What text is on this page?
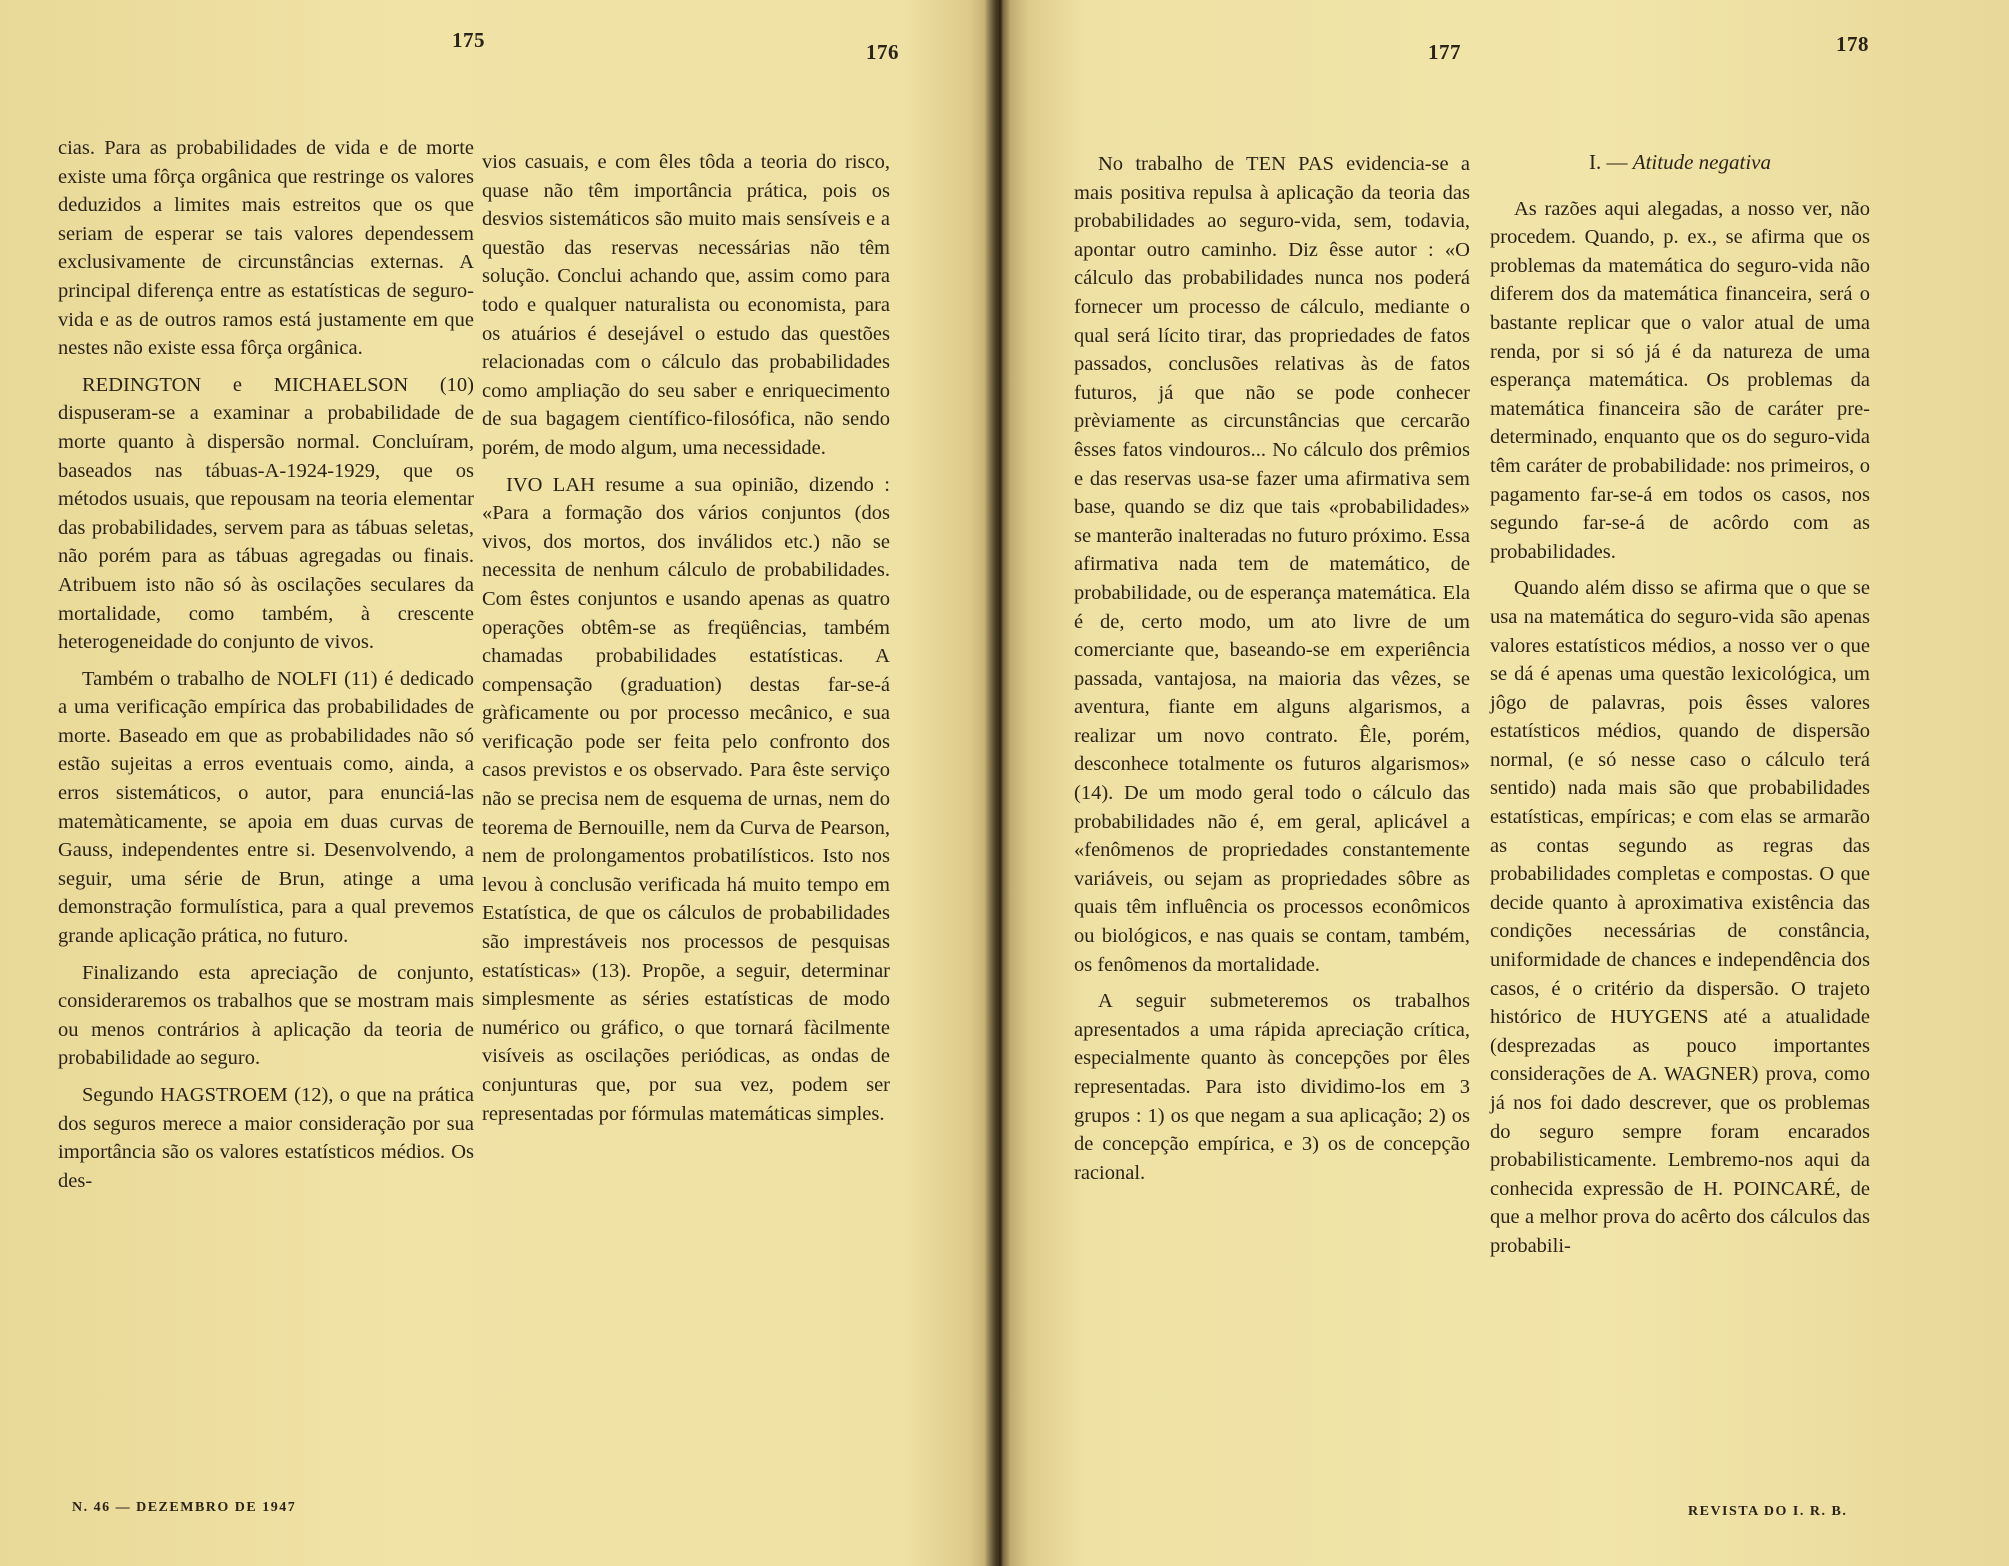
175	176

cias. Para as probabilidades de vida e de morte existe uma fôrça orgânica que restringe os valores deduzidos a limites mais estreitos que os que seriam de esperar se tais valores dependessem exclusivamente de circunstâncias externas. A principal diferença entre as estatísticas de seguro-vida e as de outros ramos está justamente em que nestes não existe essa fôrça orgânica.

REDINGTON e MICHAELSON (10) dispuseram-se a examinar a probabilidade de morte quanto à dispersão normal. Concluíram, baseados nas tábuas-A-1924-1929, que os métodos usuais, que repousam na teoria elementar das probabilidades, servem para as tábuas seletas, não porém para as tábuas agregadas ou finais. Atribuem isto não só às oscilações seculares da mortalidade, como também, à crescente heterogeneidade do conjunto de vivos.

Também o trabalho de NOLFI (11) é dedicado a uma verificação empírica das probabilidades de morte. Baseado em que as probabilidades não só estão sujeitas a erros eventuais como, ainda, a erros sistemáticos, o autor, para enunciá-las matemàticamente, se apoia em duas curvas de Gauss, independentes entre si. Desenvolvendo, a seguir, uma série de Brun, atinge a uma demonstração formulística, para a qual prevemos grande aplicação prática, no futuro.

Finalizando esta apreciação de conjunto, consideraremos os trabalhos que se mostram mais ou menos contrários à aplicação da teoria de probabilidade ao seguro.

Segundo HAGSTROEM (12), o que na prática dos seguros merece a maior consideração por sua importância são os valores estatísticos médios. Os des-

vios casuais, e com êles tôda a teoria do risco, quase não têm importância prática, pois os desvios sistemáticos são muito mais sensíveis e a questão das reservas necessárias não têm solução. Conclui achando que, assim como para todo e qualquer naturalista ou economista, para os atuários é desejável o estudo das questões relacionadas com o cálculo das probabilidades como ampliação do seu saber e enriquecimento de sua bagagem científico-filosófica, não sendo porém, de modo algum, uma necessidade.

IVO LAH resume a sua opinião, dizendo : «Para a formação dos vários conjuntos (dos vivos, dos mortos, dos inválidos etc.) não se necessita de nenhum cálculo de probabilidades. Com êstes conjuntos e usando apenas as quatro operações obtêm-se as freqüências, também chamadas probabilidades estatísticas. A compensação (graduation) destas far-se-á gràficamente ou por processo mecânico, e sua verificação pode ser feita pelo confronto dos casos previstos e os observado. Para êste serviço não se precisa nem de esquema de urnas, nem do teorema de Bernouille, nem da Curva de Pearson, nem de prolongamentos probatilísticos. Isto nos levou à conclusão verificada há muito tempo em Estatística, de que os cálculos de probabilidades são imprestáveis nos processos de pesquisas estatísticas» (13). Propõe, a seguir, determinar simplesmente as séries estatísticas de modo numérico ou gráfico, o que tornará fàcilmente visíveis as oscilações periódicas, as ondas de conjunturas que, por sua vez, podem ser representadas por fórmulas matemáticas simples.

N. 46 — DEZEMBRO DE 1947
177	178

No trabalho de TEN PAS evidencia-se a mais positiva repulsa à aplicação da teoria das probabilidades ao seguro-vida, sem, todavia, apontar outro caminho. Diz êsse autor : «O cálculo das probabilidades nunca nos poderá fornecer um processo de cálculo, mediante o qual será lícito tirar, das propriedades de fatos passados, conclusões relativas às de fatos futuros, já que não se pode conhecer prèviamente as circunstâncias que cercarão êsses fatos vindouros... No cálculo dos prêmios e das reservas usa-se fazer uma afirmativa sem base, quando se diz que tais «probabilidades» se manterão inalteradas no futuro próximo. Essa afirmativa nada tem de matemático, de probabilidade, ou de esperança matemática. Ela é de, certo modo, um ato livre de um comerciante que, baseando-se em experiência passada, vantajosa, na maioria das vêzes, se aventura, fiante em alguns algarismos, a realizar um novo contrato. Êle, porém, desconhece totalmente os futuros algarismos» (14). De um modo geral todo o cálculo das probabilidades não é, em geral, aplicável a «fenômenos de propriedades constantemente variáveis, ou sejam as propriedades sôbre as quais têm influência os processos econômicos ou biológicos, e nas quais se contam, também, os fenômenos da mortalidade.

A seguir submeteremos os trabalhos apresentados a uma rápida apreciação crítica, especialmente quanto às concepções por êles representadas. Para isto dividimo-los em 3 grupos : 1) os que negam a sua aplicação; 2) os de concepção empírica, e 3) os de concepção racional.

I. — Atitude negativa

As razões aqui alegadas, a nosso ver, não procedem. Quando, p. ex., se afirma que os problemas da matemática do seguro-vida não diferem dos da matemática financeira, será o bastante replicar que o valor atual de uma renda, por si só já é da natureza de uma esperança matemática. Os problemas da matemática financeira são de caráter pre-determinado, enquanto que os do seguro-vida têm caráter de probabilidade: nos primeiros, o pagamento far-se-á em todos os casos, nos segundo far-se-á de acôrdo com as probabilidades.

Quando além disso se afirma que o que se usa na matemática do seguro-vida são apenas valores estatísticos médios, a nosso ver o que se dá é apenas uma questão lexicológica, um jôgo de palavras, pois êsses valores estatísticos médios, quando de dispersão normal, (e só nesse caso o cálculo terá sentido) nada mais são que probabilidades estatísticas, empíricas; e com elas se armarão as contas segundo as regras das probabilidades completas e compostas. O que decide quanto à aproximativa existência das condições necessárias de constância, uniformidade de chances e independência dos casos, é o critério da dispersão. O trajeto histórico de HUYGENS até a atualidade (desprezadas as pouco importantes considerações de A. WAGNER) prova, como já nos foi dado descrever, que os problemas do seguro sempre foram encarados probabilisticamente. Lembremo-nos aqui da conhecida expressão de H. POINCARÉ, de que a melhor prova do acêrto dos cálculos das probabili-

REVISTA DO I. R. B.
